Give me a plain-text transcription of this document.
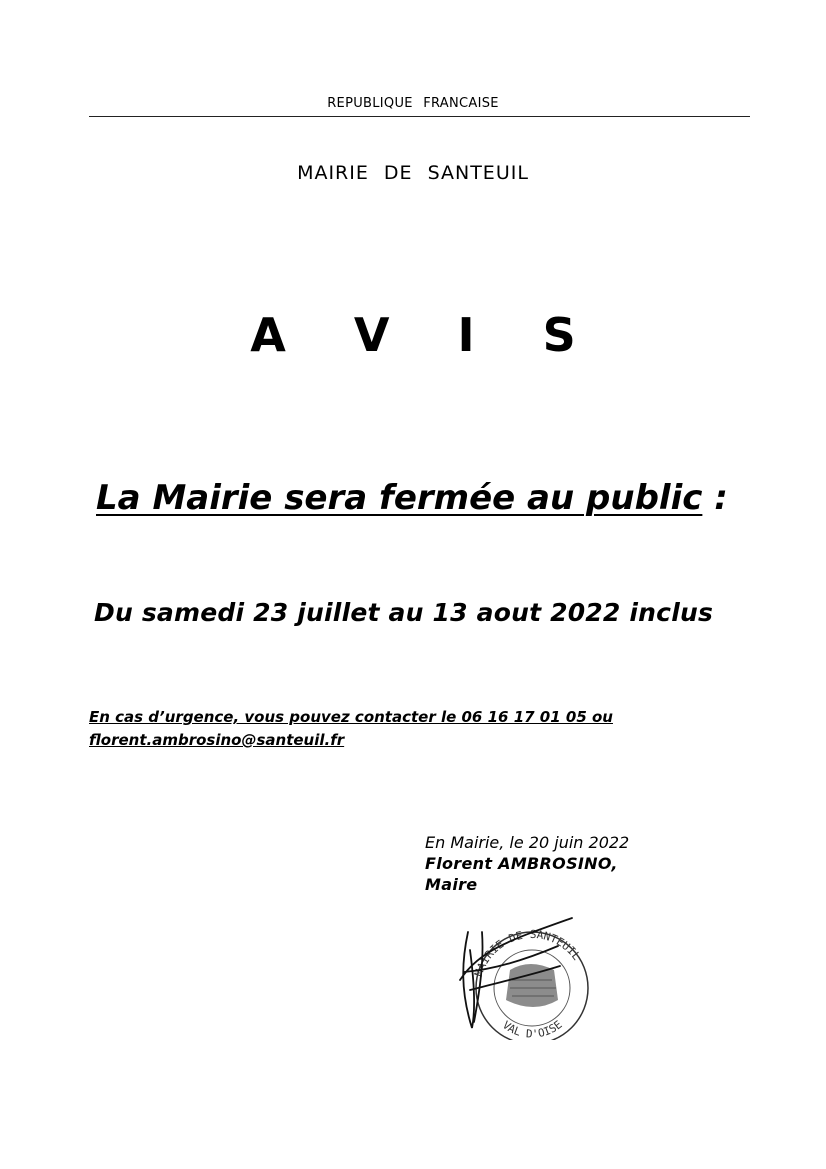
REPUBLIQUE FRANCAISE
MAIRIE DE SANTEUIL
A V I S
La Mairie sera fermée au public :
Du samedi 23 juillet au 13 aout 2022 inclus
En cas d’urgence, vous pouvez contacter le 06 16 17 01 05 ou
florent.ambrosino@santeuil.fr
En Mairie, le 20 juin 2022
Florent AMBROSINO,
Maire
MAIRIE DE SANTEUIL
VAL D'OISE
